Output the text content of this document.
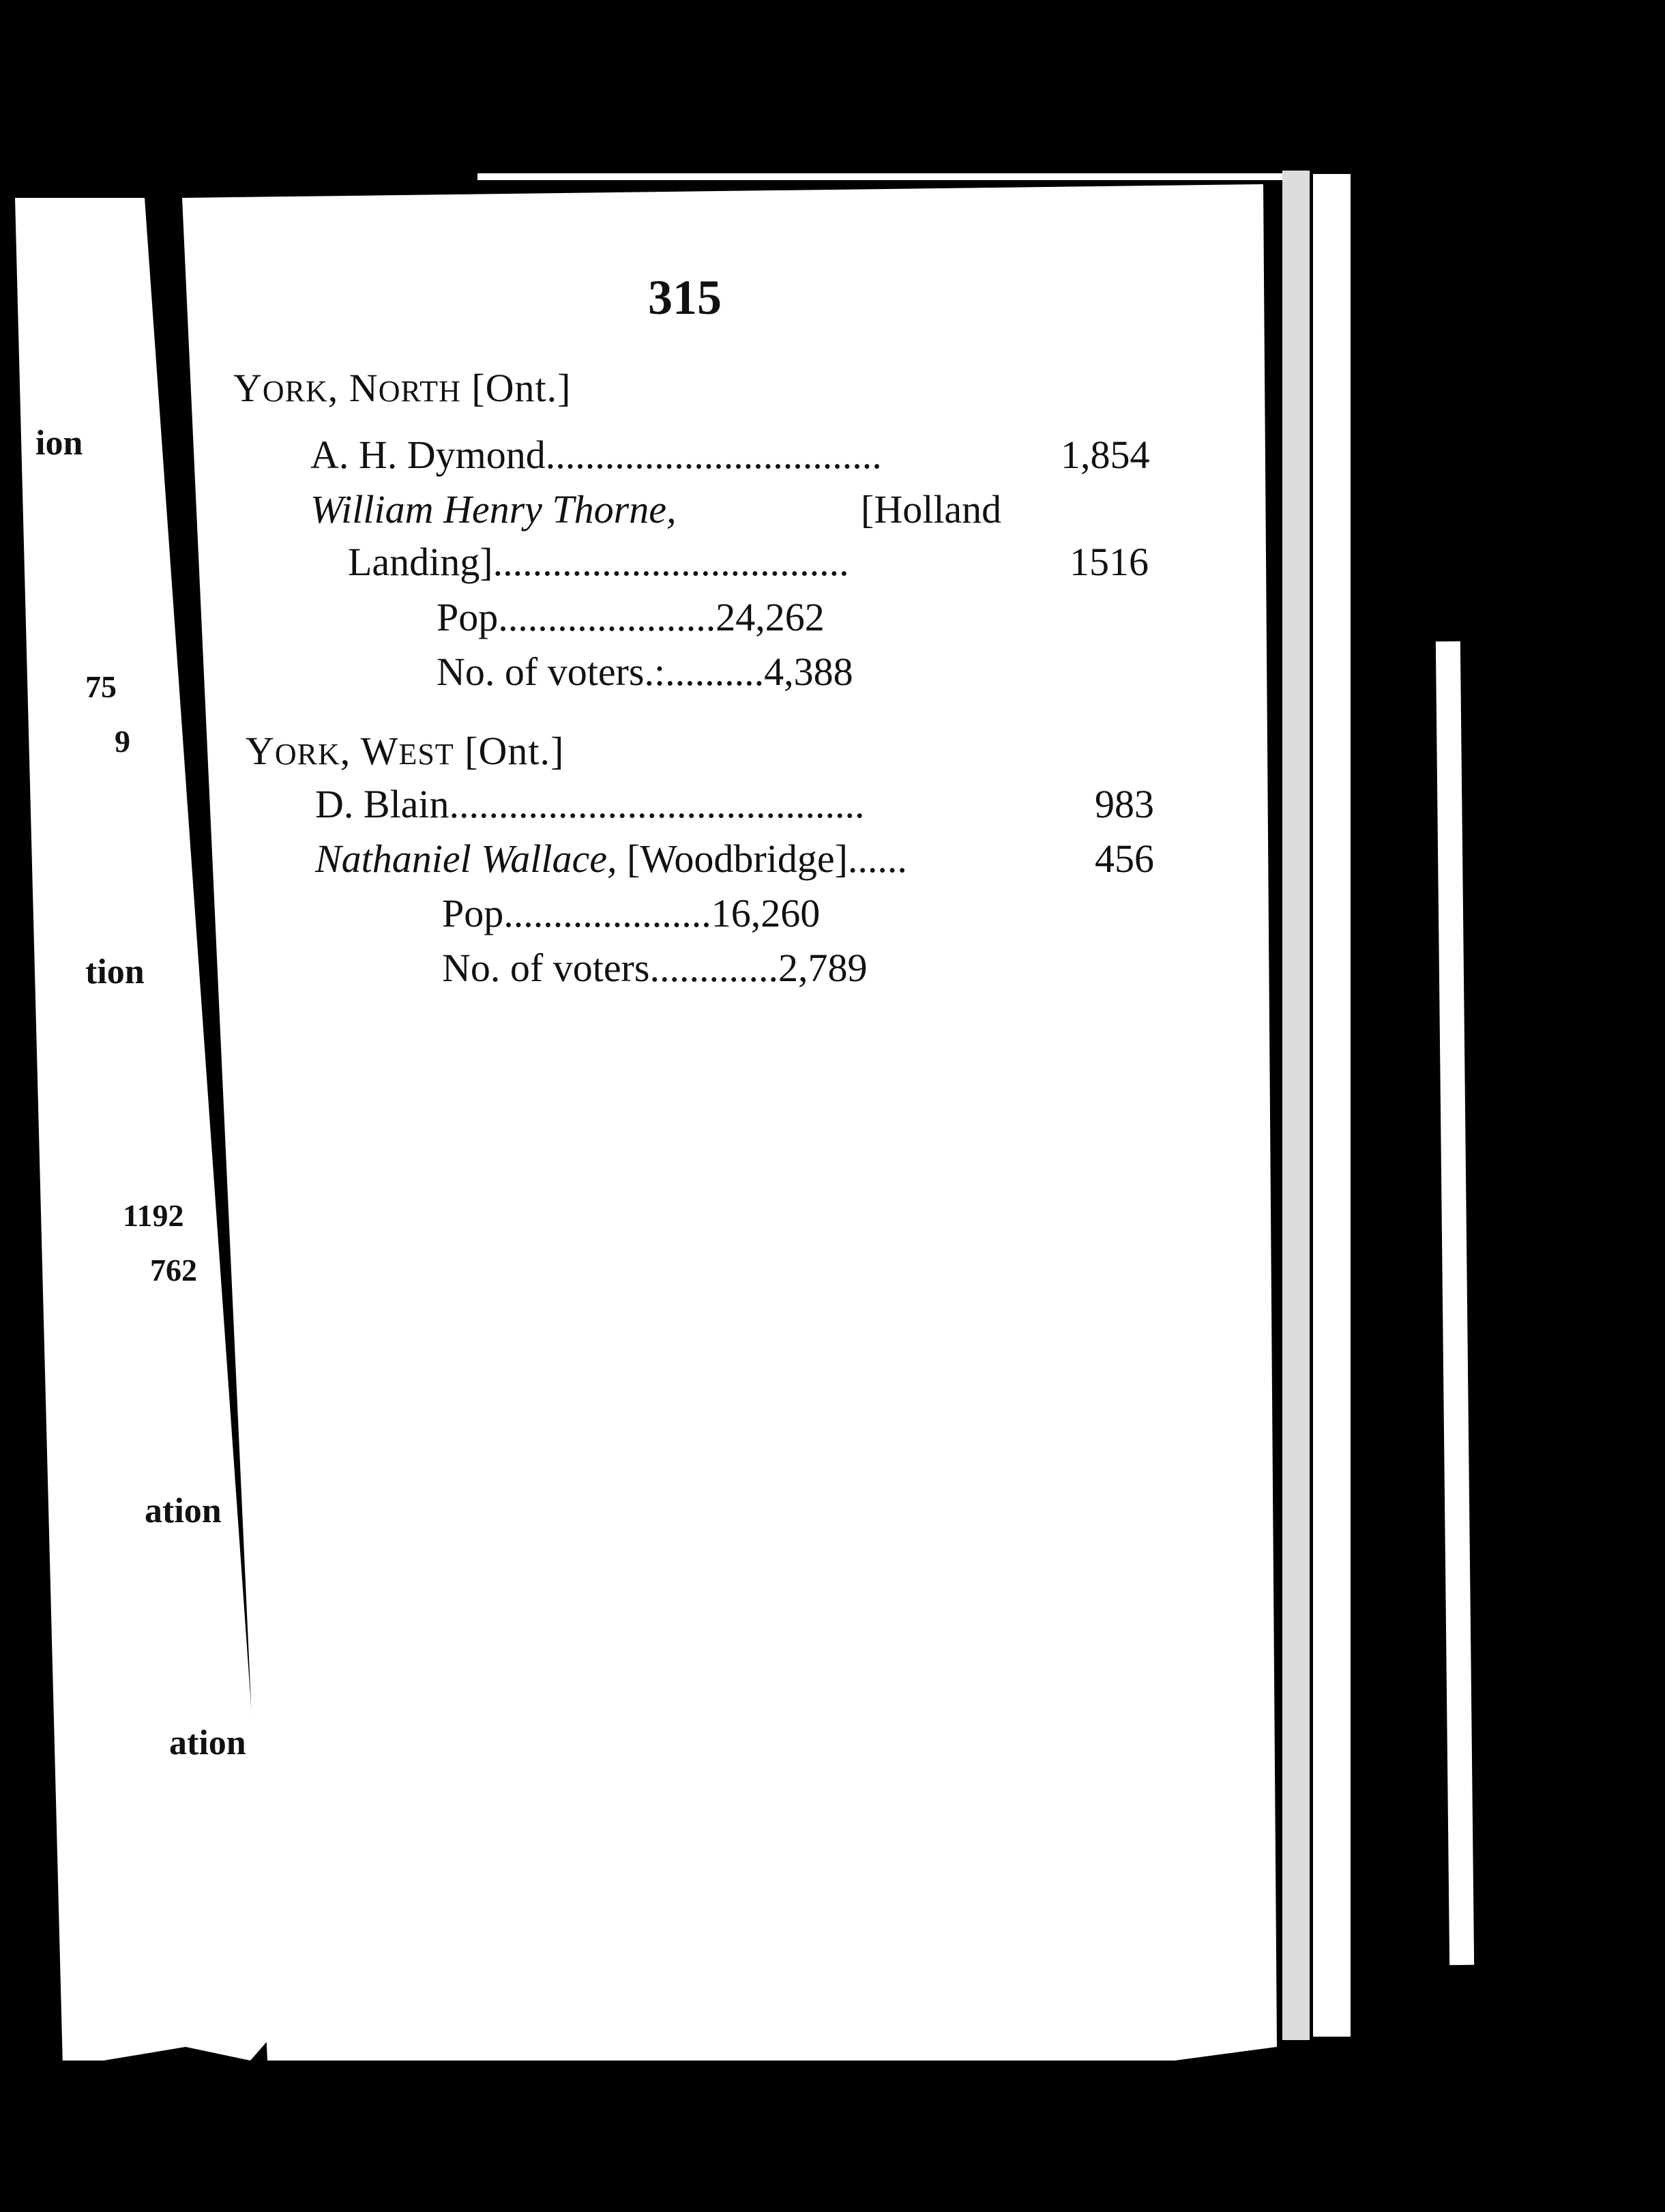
ion
75
9
tion
1192
762
ation
ation
315
YORK, NORTH [Ont.]
A. H. Dymond..................................	1,854
William Henry Thorne,	[Holland
Landing]....................................	1516
Pop......................24,262
No. of voters.:..........4,388
YORK, WEST [Ont.]
D. Blain..........................................	983
Nathaniel Wallace, [Woodbridge]......	456
Pop.....................16,260
No. of voters.............2,789
